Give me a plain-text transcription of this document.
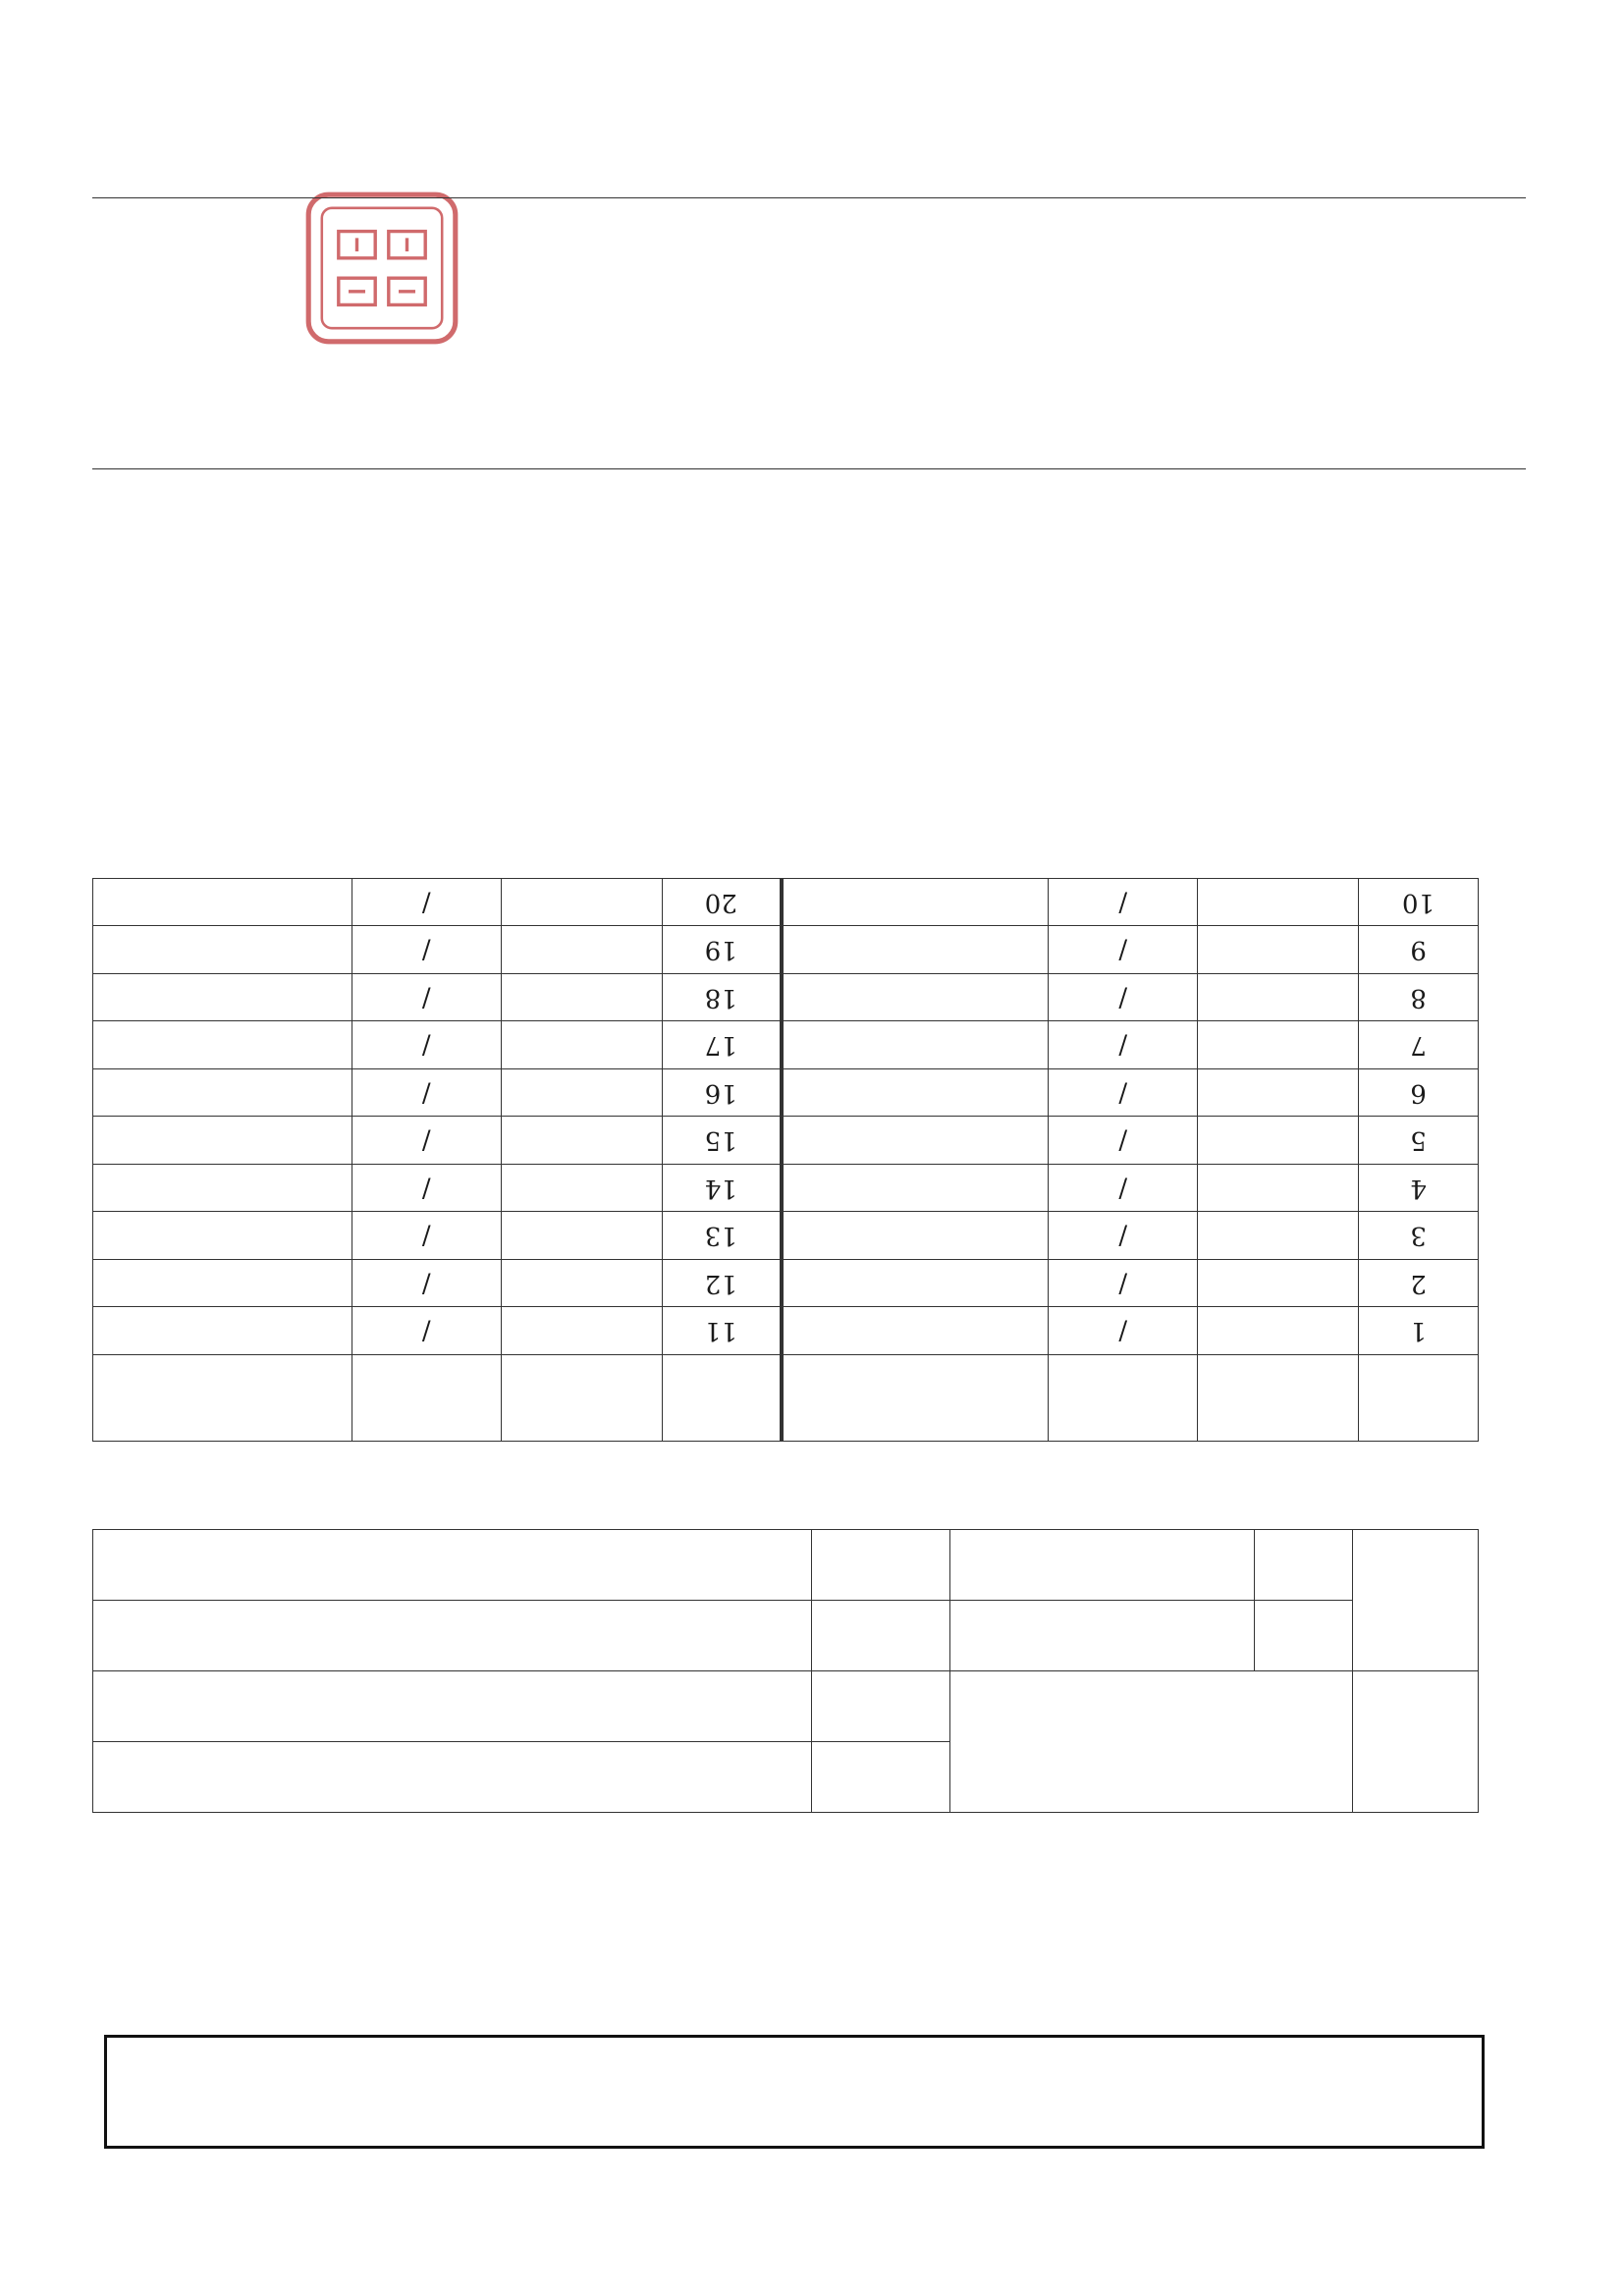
1		/		11		/	
2		/		12		/	
3		/		13		/	
4		/		14		/	
5		/		15		/	
6		/		16		/	
7		/		17		/	
8		/		18		/	
9		/		19		/	
10		/		20		/	
